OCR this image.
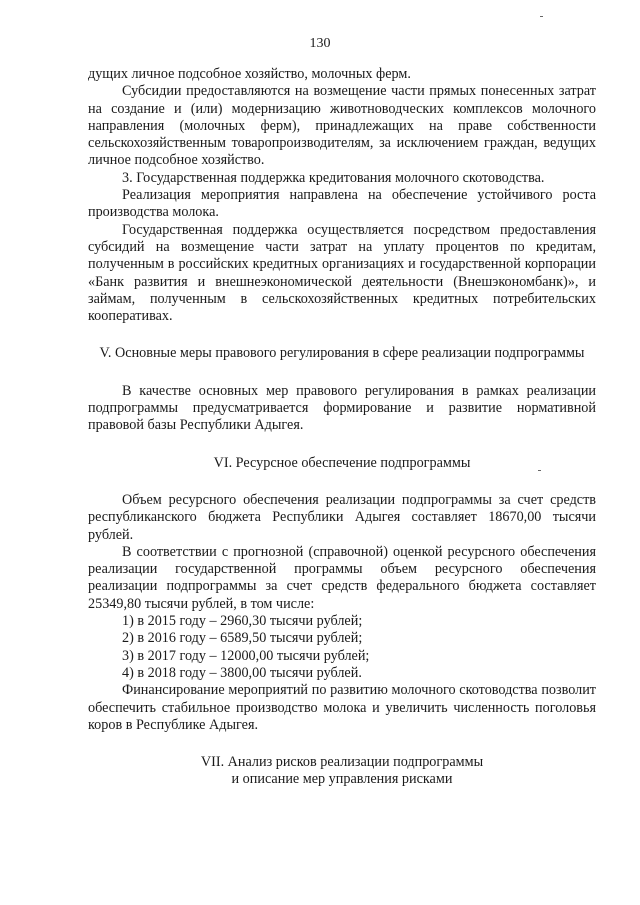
130

дущих личное подсобное хозяйство, молочных ферм.

Субсидии предоставляются на возмещение части прямых понесенных затрат на создание и (или) модернизацию животноводческих комплексов молочного направления (молочных ферм), принадлежащих на праве собственности сельскохозяйственным товаропроизводителям, за исключением граждан, ведущих личное подсобное хозяйство.

3. Государственная поддержка кредитования молочного скотоводства.

Реализация мероприятия направлена на обеспечение устойчивого роста производства молока.

Государственная поддержка осуществляется посредством предоставления субсидий на возмещение части затрат на уплату процентов по кредитам, полученным в российских кредитных организациях и государственной корпорации «Банк развития и внешнеэкономической деятельности (Внешэкономбанк)», и займам, полученным в сельскохозяйственных кредитных потребительских кооперативах.

V. Основные меры правового регулирования в сфере реализации подпрограммы

В качестве основных мер правового регулирования в рамках реализации подпрограммы предусматривается формирование и развитие нормативной правовой базы Республики Адыгея.

VI. Ресурсное обеспечение подпрограммы

Объем ресурсного обеспечения реализации подпрограммы за счет средств республиканского бюджета Республики Адыгея составляет 18670,00 тысячи рублей.

В соответствии с прогнозной (справочной) оценкой ресурсного обеспечения реализации государственной программы объем ресурсного обеспечения реализации подпрограммы за счет средств федерального бюджета составляет 25349,80 тысячи рублей, в том числе:

1) в 2015 году – 2960,30 тысячи рублей;

2) в 2016 году – 6589,50 тысячи рублей;

3) в 2017 году – 12000,00 тысячи рублей;

4) в 2018 году – 3800,00 тысячи рублей.

Финансирование мероприятий по развитию молочного скотоводства позволит обеспечить стабильное производство молока и увеличить численность поголовья коров в Республике Адыгея.

VII. Анализ рисков реализации подпрограммы

и описание мер управления рисками
